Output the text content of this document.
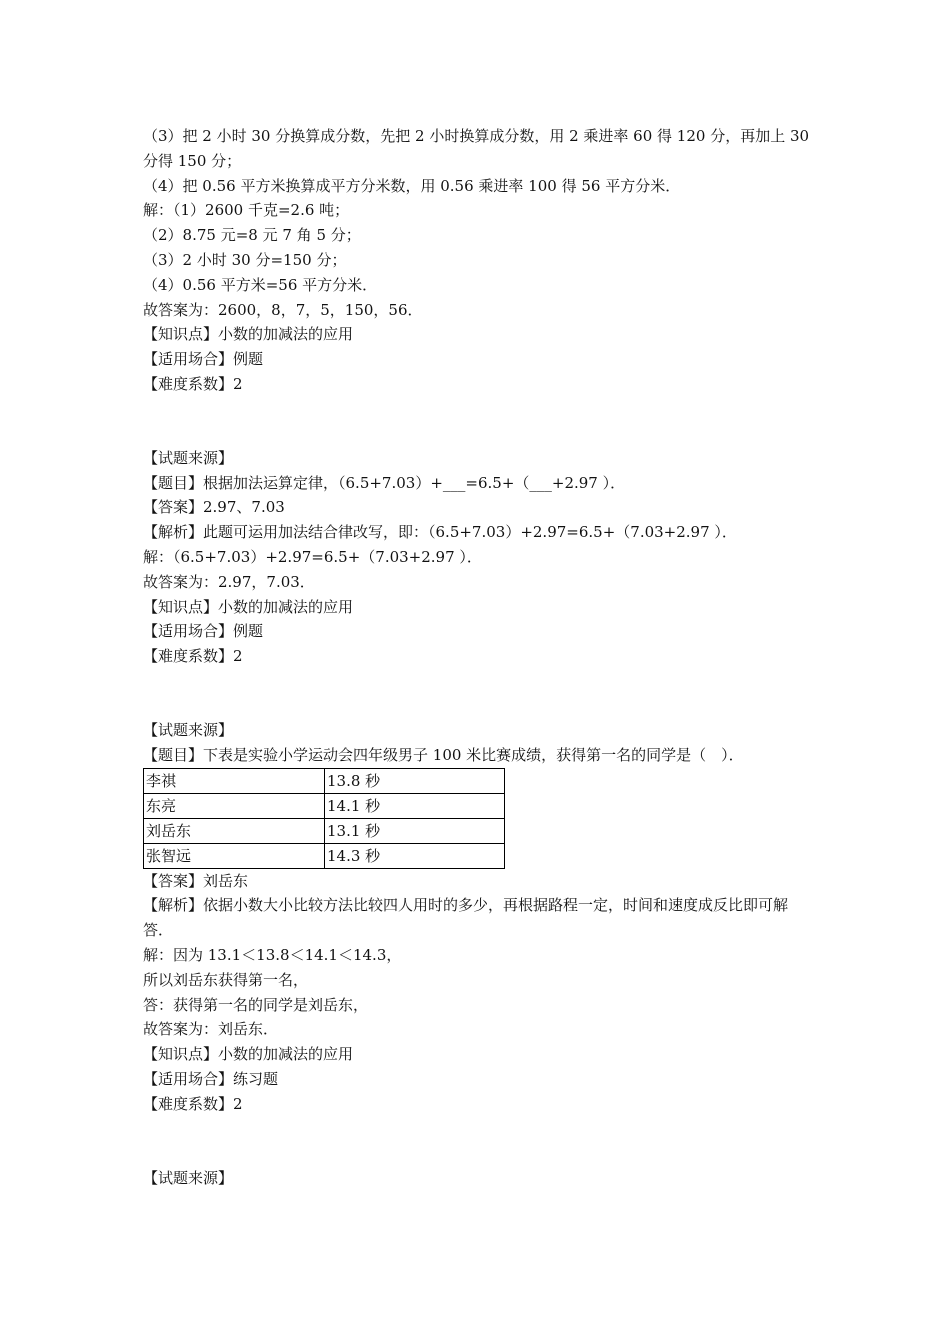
（3）把 2 小时 30 分换算成分数，先把 2 小时换算成分数，用 2 乘进率 60 得 120 分，再加上 30
分得 150 分；
（4）把 0.56 平方米换算成平方分米数，用 0.56 乘进率 100 得 56 平方分米．
解：（1）2600 千克=2.6 吨；
（2）8.75 元=8 元 7 角 5 分；
（3）2 小时 30 分=150 分；
（4）0.56 平方米=56 平方分米．
故答案为：2600，8，7，5，150，56．
【知识点】小数的加减法的应用
【适用场合】例题
【难度系数】2
【试题来源】
【题目】根据加法运算定律，（6.5+7.03）+___=6.5+（___+2.97 ）．
【答案】2.97、7.03
【解析】此题可运用加法结合律改写，即：（6.5+7.03）+2.97=6.5+（7.03+2.97 ）．
解：（6.5+7.03）+2.97=6.5+（7.03+2.97 ）．
故答案为：2.97，7.03．
【知识点】小数的加减法的应用
【适用场合】例题
【难度系数】2
【试题来源】
【题目】下表是实验小学运动会四年级男子 100 米比赛成绩，获得第一名的同学是（　）．
李祺	13.8 秒
东亮	14.1 秒
刘岳东	13.1 秒
张智远	14.3 秒
【答案】刘岳东
【解析】依据小数大小比较方法比较四人用时的多少，再根据路程一定，时间和速度成反比即可解答．
解：因为 13.1＜13.8＜14.1＜14.3，
所以刘岳东获得第一名，
答：获得第一名的同学是刘岳东，
故答案为：刘岳东．
【知识点】小数的加减法的应用
【适用场合】练习题
【难度系数】2
【试题来源】
